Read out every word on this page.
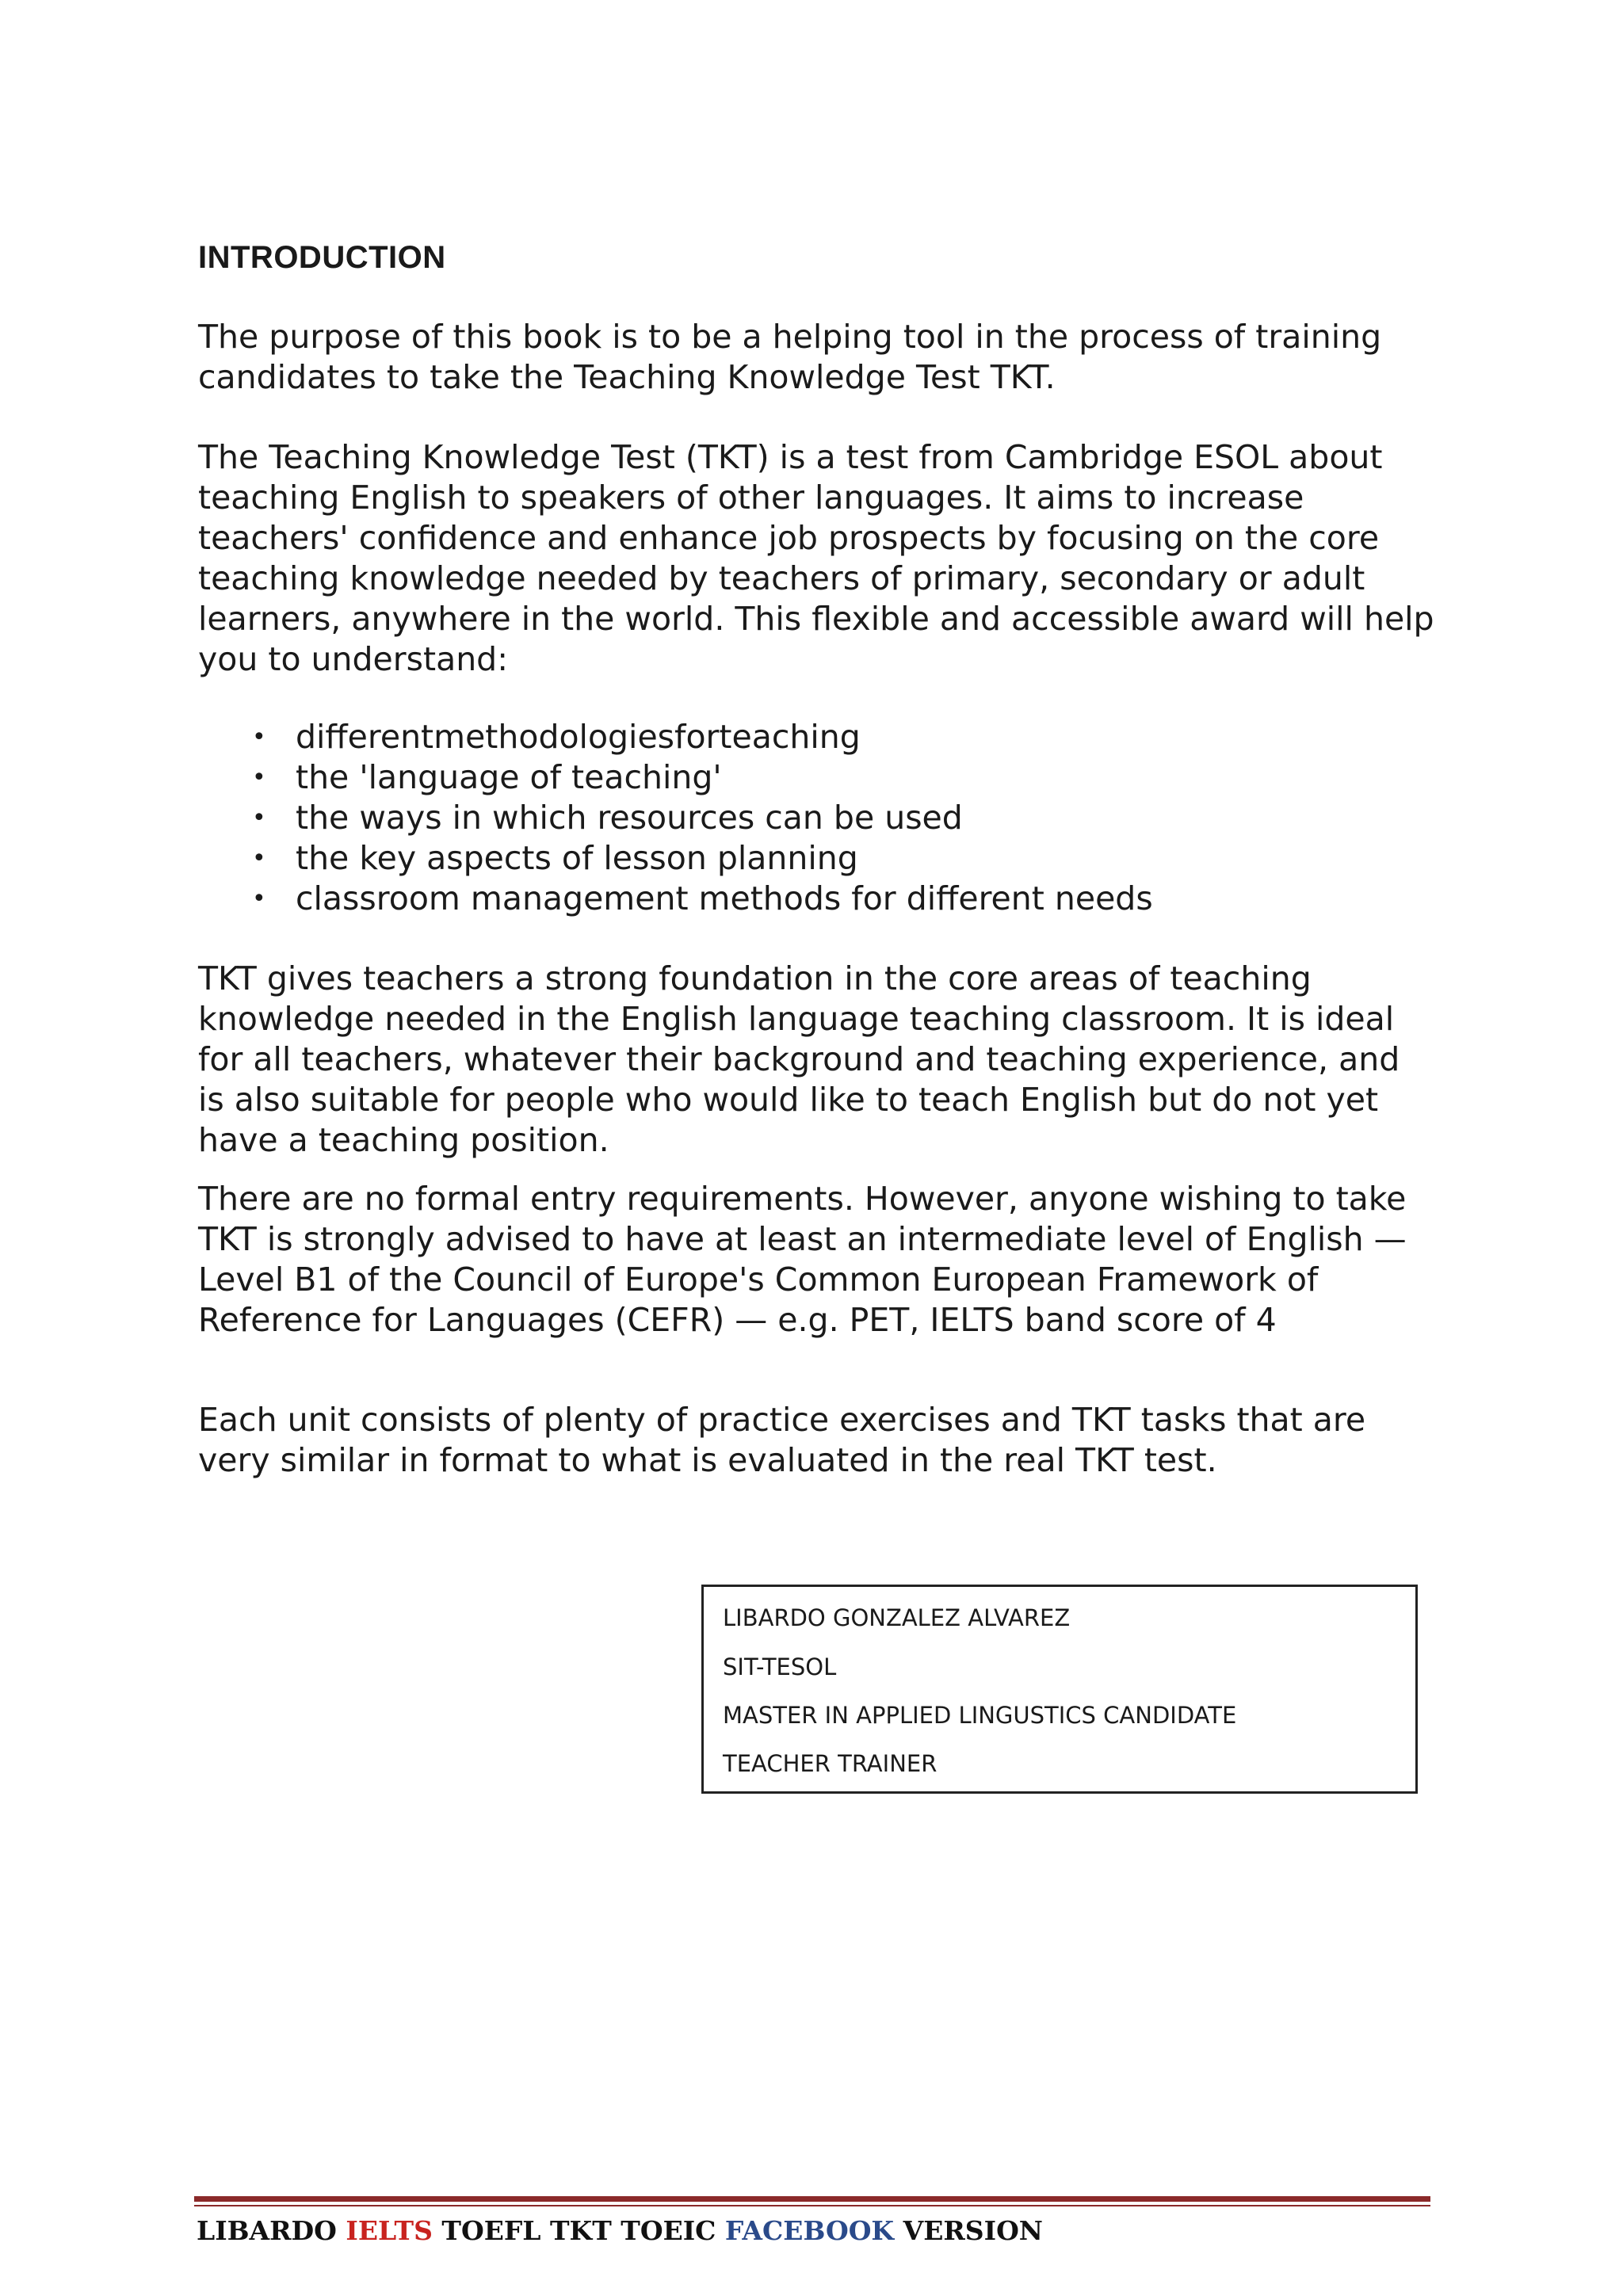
INTRODUCTION

The purpose of this book is to be a helping tool in the process of training candidates to take the Teaching Knowledge Test TKT.

The Teaching Knowledge Test (TKT) is a test from Cambridge ESOL about teaching English to speakers of other languages. It aims to increase teachers' confidence and enhance job prospects by focusing on the core teaching knowledge needed by teachers of primary, secondary or adult learners, anywhere in the world. This flexible and accessible award will help you to understand:

• differentmethodologiesforteaching
• the 'language of teaching'
• the ways in which resources can be used
• the key aspects of lesson planning
• classroom management methods for different needs

TKT gives teachers a strong foundation in the core areas of teaching knowledge needed in the English language teaching classroom. It is ideal for all teachers, whatever their background and teaching experience, and is also suitable for people who would like to teach English but do not yet have a teaching position.

There are no formal entry requirements. However, anyone wishing to take TKT is strongly advised to have at least an intermediate level of English — Level B1 of the Council of Europe's Common European Framework of Reference for Languages (CEFR) — e.g. PET, IELTS band score of 4

Each unit consists of plenty of practice exercises and TKT tasks that are very similar in format to what is evaluated in the real TKT test.

LIBARDO GONZALEZ ALVAREZ

SIT-TESOL

MASTER IN APPLIED LINGUSTICS CANDIDATE

TEACHER TRAINER

LIBARDO IELTS TOEFL TKT TOEIC FACEBOOK VERSION
